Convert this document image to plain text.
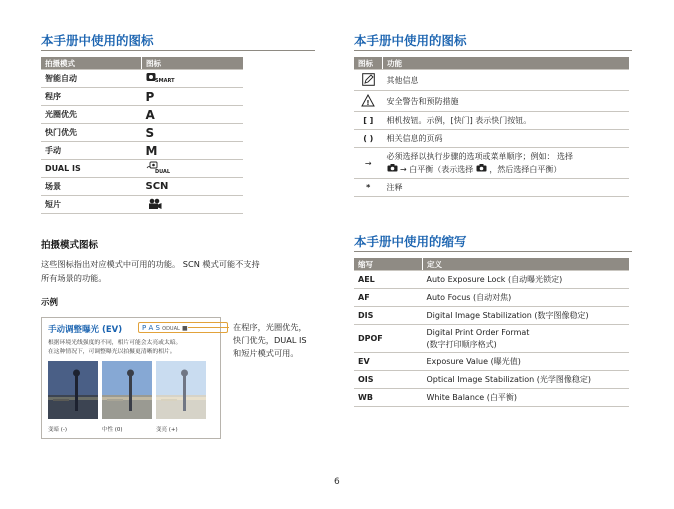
本手册中使用的图标
拍摄模式	图标
智能自动	SMART

程序	P
光圈优先	A
快门优先	S
手动	M
DUAL IS	DUAL

场景	SCN
短片	
拍摄模式图标
这些图标指出对应模式中可用的功能。 SCN 模式可能不支持
所有场景的功能。
示例
手动调整曝光 (EV)	P A S ʘDUAL ■
根据环境光线强度的不同，相片可能会太亮或太暗。
在这种情况下，可调整曝光以拍摄更清晰的相片。
变暗 (-)	中性 (0)	变亮 (+)
在程序，光圈优先，
快门优先，DUAL IS
和短片模式可用。
本手册中使用的图标
图标	功能
	其他信息

!	安全警告和预防措施
[ ]	相机按钮。示例，[快门] 表示快门按钮。
( )	相关信息的页码
→	必须选择以执行步骤的选项或菜单顺序；例如： 选择
→ 白平衡（表示选择 ，然后选择白平衡）

*	注释
本手册中使用的缩写
缩写	定义
AEL	Auto Exposure Lock (自动曝光锁定)
AF	Auto Focus (自动对焦)
DIS	Digital Image Stabilization (数字图像稳定)
DPOF	Digital Print Order Format
(数字打印顺序格式)

EV	Exposure Value (曝光值)
OIS	Optical Image Stabilization (光学图像稳定)
WB	White Balance (白平衡)
6
